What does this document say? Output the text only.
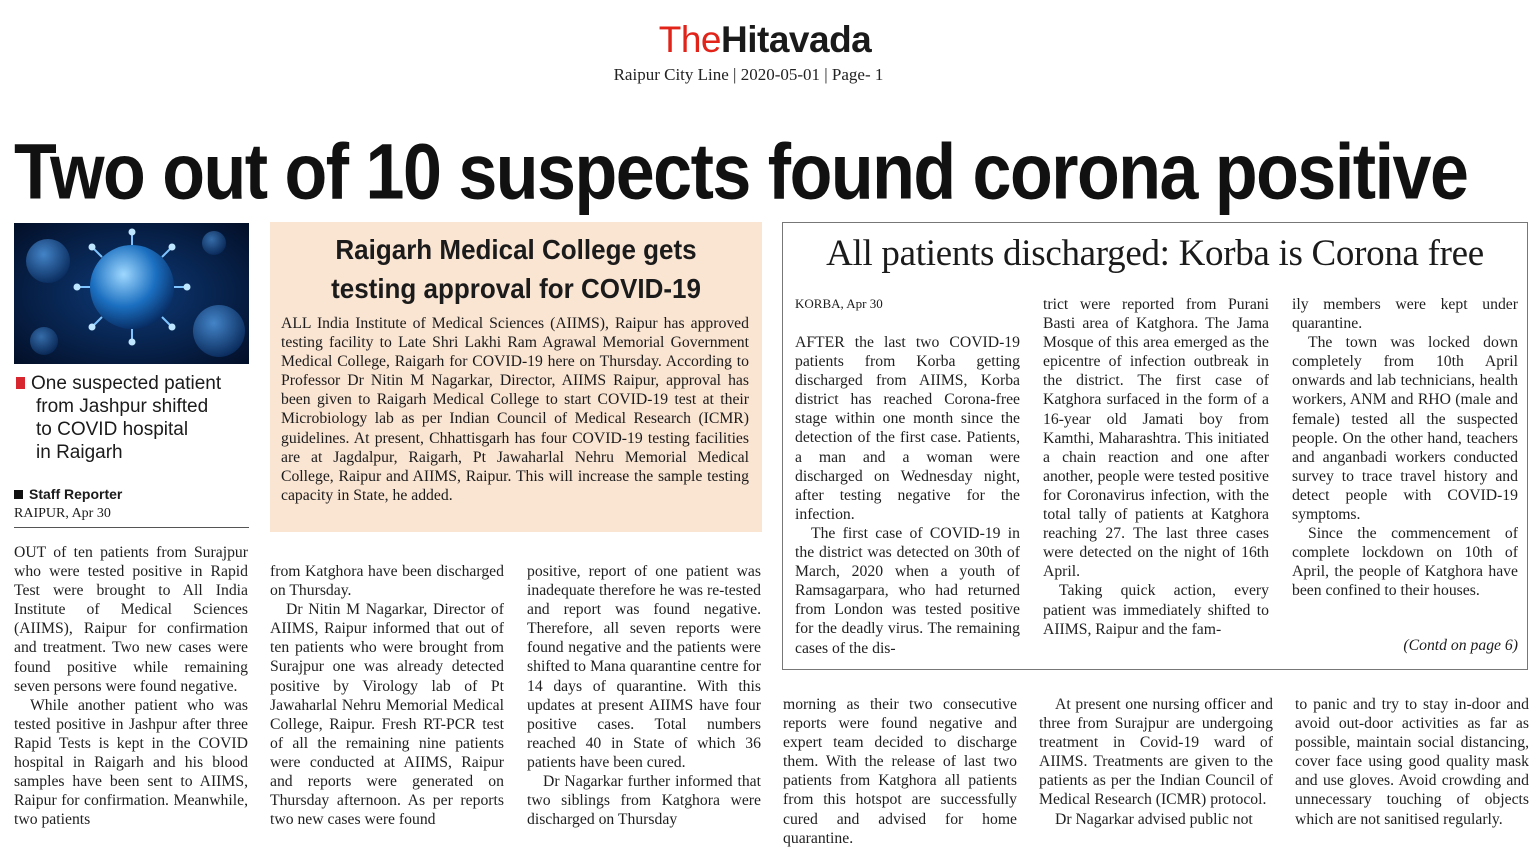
TheHitavada
Raipur City Line | 2020-05-01 | Page- 1
Two out of 10 suspects found corona positive
One suspected patient
from Jashpur shifted
to COVID hospital
in Raigarh
Staff Reporter
RAIPUR, Apr 30

OUT of ten patients from Surajpur who were tested positive in Rapid Test were brought to All India Institute of Medical Sciences (AIIMS), Raipur for confirmation and treatment. Two new cases were found positive while remaining seven persons were found negative.

While another patient who was tested positive in Jashpur after three Rapid Tests is kept in the COVID hospital in Raigarh and his blood samples have been sent to AIIMS, Raipur for confirmation. Meanwhile, two patients

from Katghora have been discharged on Thursday.

Dr Nitin M Nagarkar, Director of AIIMS, Raipur informed that out of ten patients who were brought from Surajpur one was already detected positive by Virology lab of Pt Jawaharlal Nehru Memorial Medical College, Raipur. Fresh RT-PCR test of all the remaining nine patients were conducted at AIIMS, Raipur and reports were generated on Thursday afternoon. As per reports two new cases were found

positive, report of one patient was inadequate therefore he was re-tested and report was found negative. Therefore, all seven reports were found negative and the patients were shifted to Mana quarantine centre for 14 days of quarantine. With this updates at present AIIMS have four positive cases. Total numbers reached 40 in State of which 36 patients have been cured.

Dr Nagarkar further informed that two siblings from Katghora were discharged on Thursday

morning as their two consecutive reports were found negative and expert team decided to discharge them. With the release of last two patients from Katghora all patients from this hotspot are successfully cured and advised for home quarantine.

At present one nursing officer and three from Surajpur are undergoing treatment in Covid-19 ward of AIIMS. Treatments are given to the patients as per the Indian Council of Medical Research (ICMR) protocol.

Dr Nagarkar advised public not

to panic and try to stay in-door and avoid out-door activities as far as possible, maintain social distancing, cover face using good quality mask and use gloves. Avoid crowding and unnecessary touching of objects which are not sanitised regularly.

Raigarh Medical College gets
testing approval for COVID-19

ALL India Institute of Medical Sciences (AIIMS), Raipur has approved testing facility to Late Shri Lakhi Ram Agrawal Memorial Government Medical College, Raigarh for COVID-19 here on Thursday. According to Professor Dr Nitin M Nagarkar, Director, AIIMS Raipur, approval has been given to Raigarh Medical College to start COVID-19 test at their Microbiology lab as per Indian Council of Medical Research (ICMR) guidelines. At present, Chhattisgarh has four COVID-19 testing facilities are at Jagdalpur, Raigarh, Pt Jawaharlal Nehru Memorial Medical College, Raipur and AIIMS, Raipur. This will increase the sample testing capacity in State, he added.

All patients discharged: Korba is Corona free
KORBA, Apr 30

AFTER the last two COVID-19 patients from Korba getting discharged from AIIMS, Korba district has reached Corona-free stage within one month since the detection of the first case. Patients, a man and a woman were discharged on Wednesday night, after testing negative for the infection.

The first case of COVID-19 in the district was detected on 30th of March, 2020 when a youth of Ramsagarpara, who had returned from London was tested positive for the deadly virus. The remaining cases of the dis-

trict were reported from Purani Basti area of Katghora. The Jama Mosque of this area emerged as the epicentre of infection outbreak in the district. The first case of Katghora surfaced in the form of a 16-year old Jamati boy from Kamthi, Maharashtra. This initiated a chain reaction and one after another, people were tested positive for Coronavirus infection, with the total tally of patients at Katghora reaching 27. The last three cases were detected on the night of 16th April.

Taking quick action, every patient was immediately shifted to AIIMS, Raipur and the fam-

ily members were kept under quarantine.

The town was locked down completely from 10th April onwards and lab technicians, health workers, ANM and RHO (male and female) tested all the suspected people. On the other hand, teachers and anganbadi workers conducted survey to trace travel history and detect people with COVID-19 symptoms.

Since the commencement of complete lockdown on 10th of April, the people of Katghora have been confined to their houses.

(Contd on page 6)
